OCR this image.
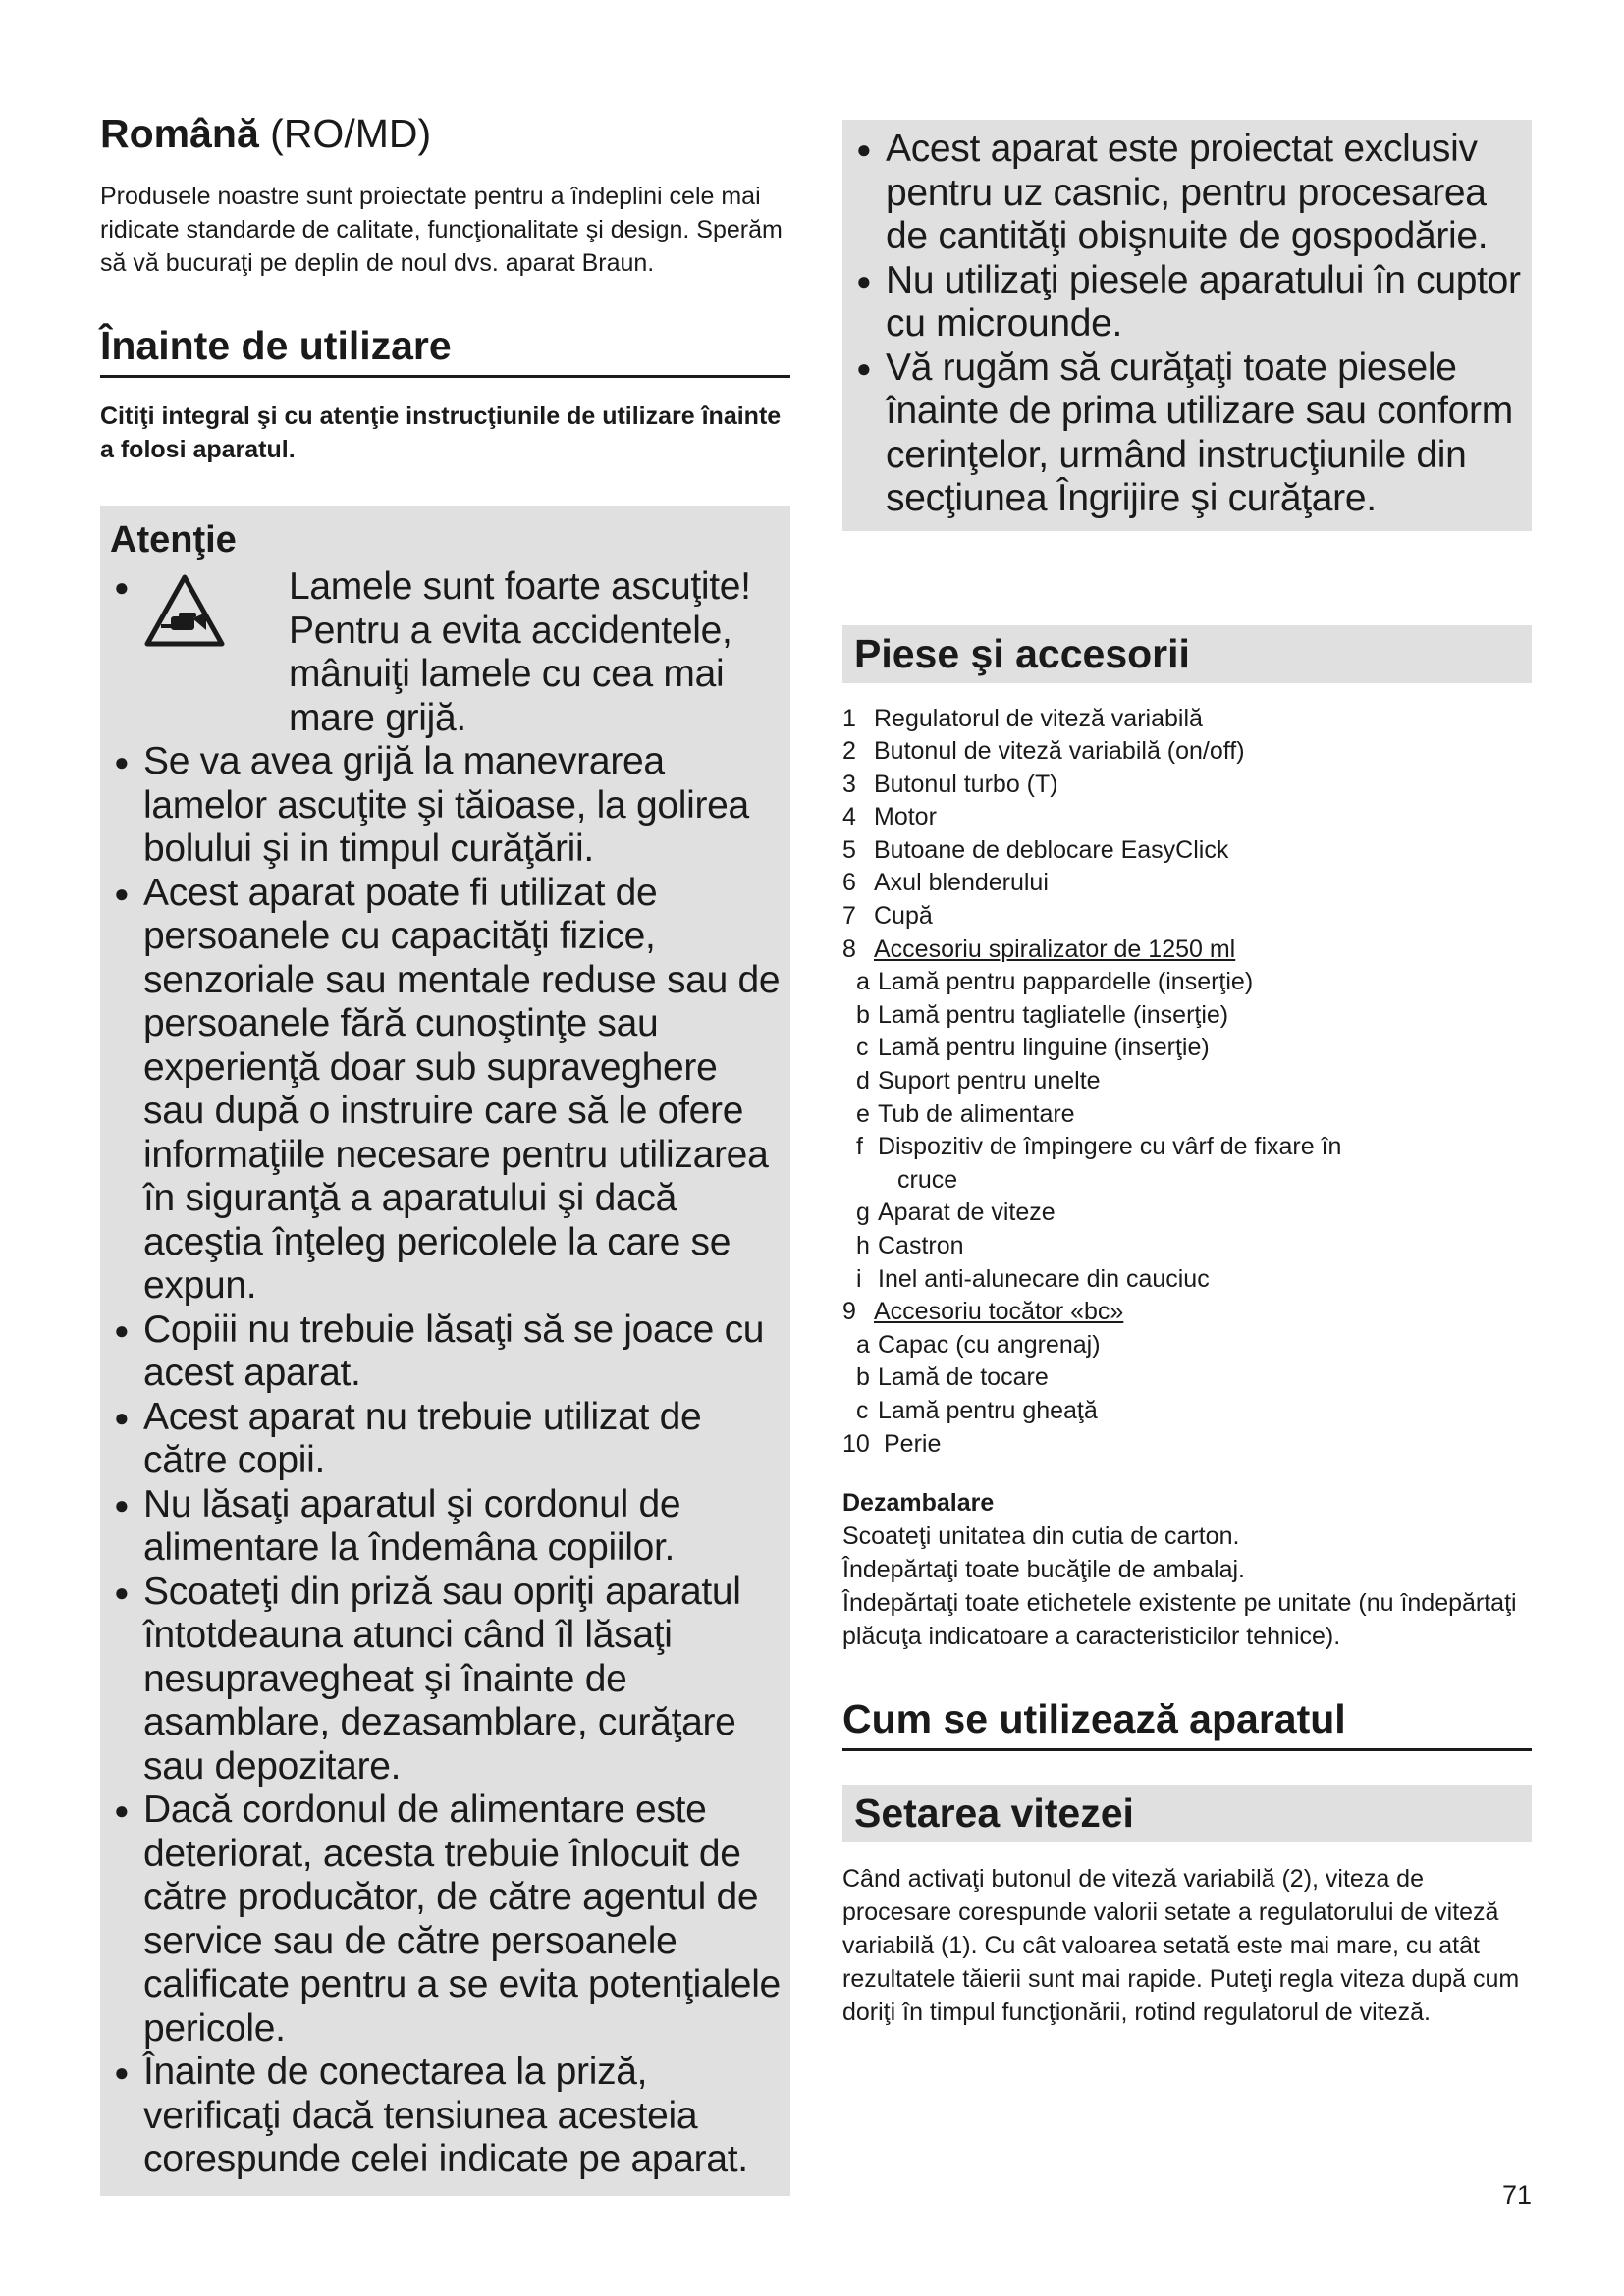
Română (RO/MD)

Produsele noastre sunt proiectate pentru a îndeplini cele mai ridicate standarde de calitate, funcţionalitate şi design. Sperăm să vă bucuraţi pe deplin de noul dvs. aparat Braun.

Înainte de utilizare

Citiţi integral şi cu atenţie instrucţiunile de utilizare înainte a folosi aparatul.

Atenţie
●	Lamele sunt foarte ascuţite! Pentru a evita accidentele, mânuiţi lamele cu cea mai mare grijă.
● Se va avea grijă la manevrarea lamelor ascuţite şi tăioase, la golirea bolului şi in timpul curăţării.
● Acest aparat poate fi utilizat de persoanele cu capacităţi fizice, senzoriale sau mentale reduse sau de persoanele fără cunoştinţe sau experienţă doar sub supraveghere sau după o instruire care să le ofere informaţiile necesare pentru utilizarea în siguranţă a aparatului şi dacă aceştia înţeleg pericolele la care se expun.
● Copiii nu trebuie lăsaţi să se joace cu acest aparat.
● Acest aparat nu trebuie utilizat de către copii.
● Nu lăsaţi aparatul şi cordonul de alimentare la îndemâna copiilor.
● Scoateţi din priză sau opriţi aparatul întotdeauna atunci când îl lăsaţi nesupravegheat şi înainte de asamblare, dezasamblare, curăţare sau depozitare.
● Dacă cordonul de alimentare este deteriorat, acesta trebuie înlocuit de către producător, de către agentul de service sau de către persoanele calificate pentru a se evita potenţialele pericole.
● Înainte de conectarea la priză, verificaţi dacă tensiunea acesteia corespunde celei indicate pe aparat.
● Acest aparat este proiectat exclusiv pentru uz casnic, pentru procesarea de cantităţi obişnuite de gospodărie.
● Nu utilizaţi piesele aparatului în cuptor cu microunde.
● Vă rugăm să curăţaţi toate piesele înainte de prima utilizare sau conform cerinţelor, urmând instrucţiunile din secţiunea Îngrijire şi curăţare.
Piese şi accesorii
1 Regulatorul de viteză variabilă
2 Butonul de viteză variabilă (on/off)
3 Butonul turbo (T)
4 Motor
5 Butoane de deblocare EasyClick
6 Axul blenderului
7 Cupă
8 Accesoriu spiralizator de 1250 ml
a Lamă pentru pappardelle (inserţie)
b Lamă pentru tagliatelle (inserţie)
c Lamă pentru linguine (inserţie)
d Suport pentru unelte
e Tub de alimentare
f Dispozitiv de împingere cu vârf de fixare în
cruce
g Aparat de viteze
h Castron
i Inel anti-alunecare din cauciuc
9 Accesoriu tocător «bc»
a Capac (cu angrenaj)
b Lamă de tocare
c Lamă pentru gheaţă
10 Perie
Dezambalare

Scoateţi unitatea din cutia de carton.

Îndepărtaţi toate bucăţile de ambalaj.

Îndepărtaţi toate etichetele existente pe unitate (nu îndepărtaţi plăcuţa indicatoare a caracteristicilor tehnice).

Cum se utilizează aparatul
Setarea vitezei

Când activaţi butonul de viteză variabilă (2), viteza de procesare corespunde valorii setate a regulatorului de viteză variabilă (1). Cu cât valoarea setată este mai mare, cu atât rezultatele tăierii sunt mai rapide. Puteţi regla viteza după cum doriţi în timpul funcţionării, rotind regulatorul de viteză.

71
